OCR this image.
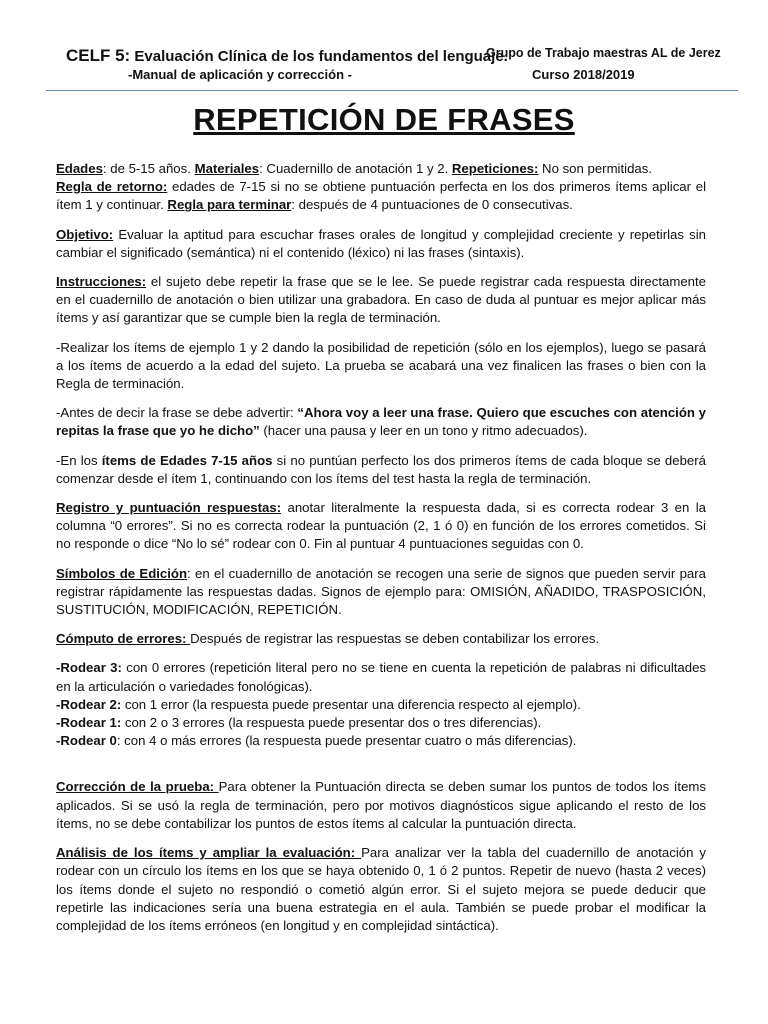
CELF 5: Evaluación Clínica de los fundamentos del lenguaje.
Grupo de Trabajo maestras AL de Jerez
-Manual de aplicación y corrección -	Curso 2018/2019
REPETICIÓN DE FRASES

Edades: de 5-15 años. Materiales: Cuadernillo de anotación 1 y 2. Repeticiones: No son permitidas.
Regla de retorno: edades de 7-15 si no se obtiene puntuación perfecta en los dos primeros ítems aplicar el ítem 1 y continuar. Regla para terminar: después de 4 puntuaciones de 0 consecutivas.

Objetivo: Evaluar la aptitud para escuchar frases orales de longitud y complejidad creciente y repetirlas sin cambiar el significado (semántica) ni el contenido (léxico) ni las frases (sintaxis).

Instrucciones: el sujeto debe repetir la frase que se le lee. Se puede registrar cada respuesta directamente en el cuadernillo de anotación o bien utilizar una grabadora. En caso de duda al puntuar es mejor aplicar más ítems y así garantizar que se cumple bien la regla de terminación.

-Realizar los ítems de ejemplo 1 y 2 dando la posibilidad de repetición (sólo en los ejemplos), luego se pasará a los ítems de acuerdo a la edad del sujeto. La prueba se acabará una vez finalicen las frases o bien con la Regla de terminación.

-Antes de decir la frase se debe advertir: “Ahora voy a leer una frase. Quiero que escuches con atención y repitas la frase que yo he dicho” (hacer una pausa y leer en un tono y ritmo adecuados).

-En los ítems de Edades 7-15 años si no puntúan perfecto los dos primeros ítems de cada bloque se deberá comenzar desde el ítem 1, continuando con los ítems del test hasta la regla de terminación.

Registro y puntuación respuestas: anotar literalmente la respuesta dada, si es correcta rodear 3 en la columna “0 errores”. Si no es correcta rodear la puntuación (2, 1 ó 0) en función de los errores cometidos. Si no responde o dice “No lo sé” rodear con 0. Fin al puntuar 4 puntuaciones seguidas con 0.

Símbolos de Edición: en el cuadernillo de anotación se recogen una serie de signos que pueden servir para registrar rápidamente las respuestas dadas. Signos de ejemplo para: OMISIÓN, AÑADIDO, TRASPOSICIÓN, SUSTITUCIÓN, MODIFICACIÓN, REPETICIÓN.

Cómputo de errores: Después de registrar las respuestas se deben contabilizar los errores.

-Rodear 3: con 0 errores (repetición literal pero no se tiene en cuenta la repetición de palabras ni dificultades en la articulación o variedades fonológicas).

-Rodear 2: con 1 error (la respuesta puede presentar una diferencia respecto al ejemplo).

-Rodear 1: con 2 o 3 errores (la respuesta puede presentar dos o tres diferencias).

-Rodear 0: con 4 o más errores (la respuesta puede presentar cuatro o más diferencias).

Corrección de la prueba: Para obtener la Puntuación directa se deben sumar los puntos de todos los ítems aplicados. Si se usó la regla de terminación, pero por motivos diagnósticos sigue aplicando el resto de los ítems, no se debe contabilizar los puntos de estos ítems al calcular la puntuación directa.

Análisis de los ítems y ampliar la evaluación: Para analizar ver la tabla del cuadernillo de anotación y rodear con un círculo los ítems en los que se haya obtenido 0, 1 ó 2 puntos. Repetir de nuevo (hasta 2 veces) los ítems donde el sujeto no respondió o cometió algún error. Si el sujeto mejora se puede deducir que repetirle las indicaciones sería una buena estrategia en el aula. También se puede probar el modificar la complejidad de los ítems erróneos (en longitud y en complejidad sintáctica).
